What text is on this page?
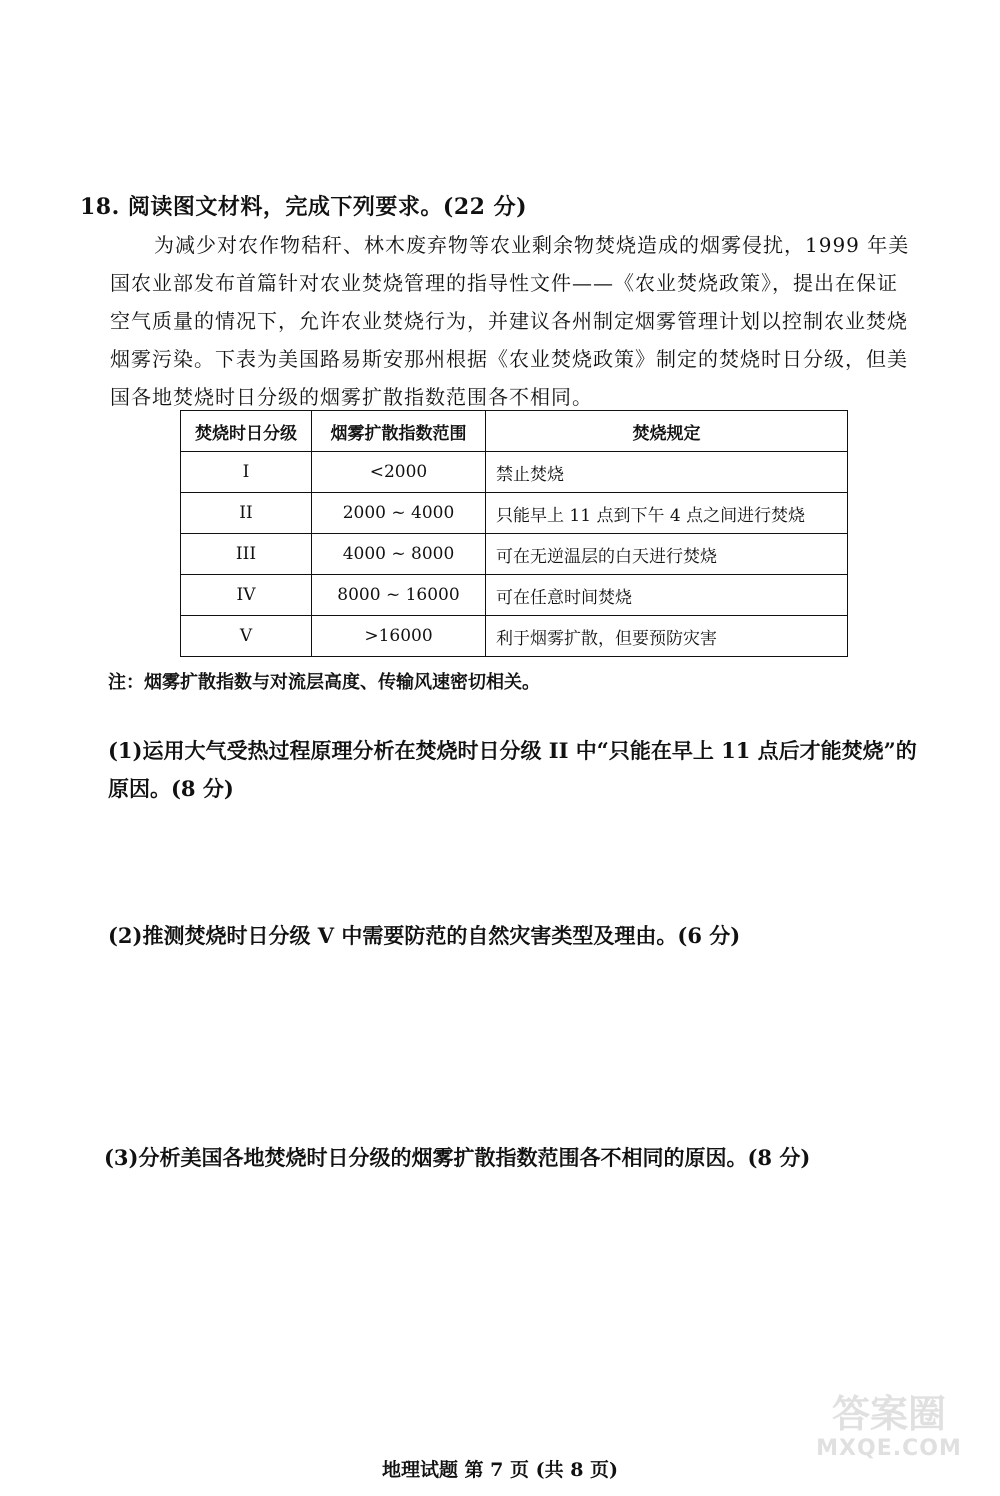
18. 阅读图文材料，完成下列要求。(22 分)
为减少对农作物秸秆、林木废弃物等农业剩余物焚烧造成的烟雾侵扰，1999 年美国农业部发布首篇针对农业焚烧管理的指导性文件——《农业焚烧政策》，提出在保证空气质量的情况下，允许农业焚烧行为，并建议各州制定烟雾管理计划以控制农业焚烧烟雾污染。下表为美国路易斯安那州根据《农业焚烧政策》制定的焚烧时日分级，但美国各地焚烧时日分级的烟雾扩散指数范围各不相同。
焚烧时日分级	烟雾扩散指数范围	焚烧规定
I	<2000	禁止焚烧
II	2000 ~ 4000	只能早上 11 点到下午 4 点之间进行焚烧
III	4000 ~ 8000	可在无逆温层的白天进行焚烧
IV	8000 ~ 16000	可在任意时间焚烧
V	>16000	利于烟雾扩散，但要预防灾害
注：烟雾扩散指数与对流层高度、传输风速密切相关。
(1)运用大气受热过程原理分析在焚烧时日分级 II 中“只能在早上 11 点后才能焚烧”的原因。(8 分)
(2)推测焚烧时日分级 V 中需要防范的自然灾害类型及理由。(6 分)
(3)分析美国各地焚烧时日分级的烟雾扩散指数范围各不相同的原因。(8 分)
地理试题 第 7 页 (共 8 页)
答案圈
MXQE.COM
